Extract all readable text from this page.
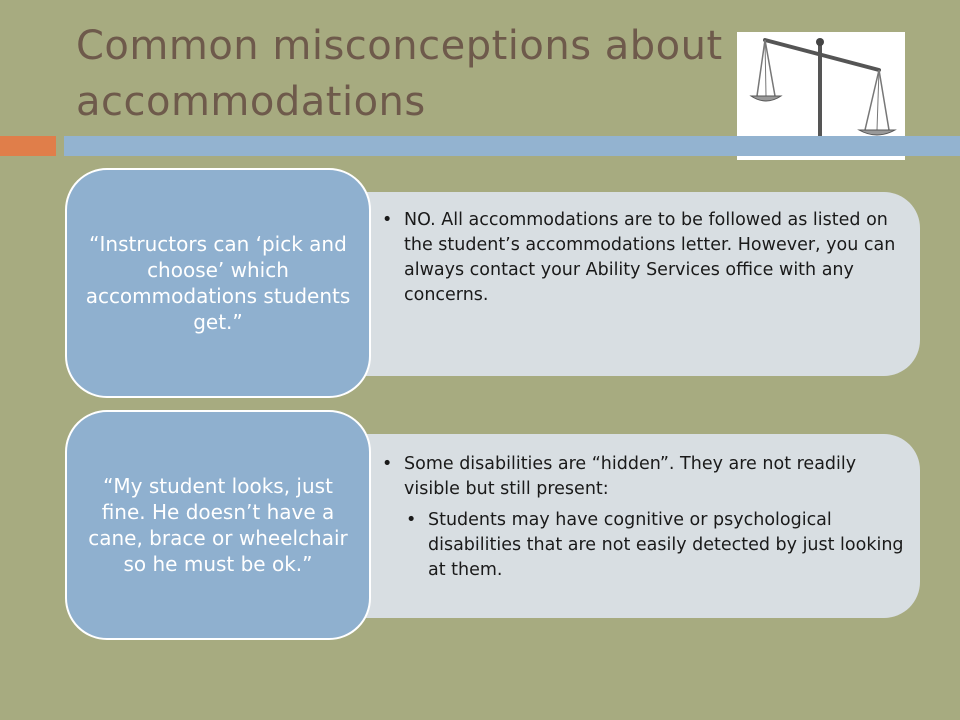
Common misconceptions about
accommodations
“Instructors can ‘pick and choose’ which accommodations students get.”
• NO. All accommodations are to be followed as listed on the student’s accommodations letter. However, you can always contact your Ability Services office with any concerns.
“My student looks, just fine. He doesn’t have a cane, brace or wheelchair so he must be ok.”
• Some disabilities are “hidden”. They are not readily visible but still present:
• Students may have cognitive or psychological disabilities that are not easily detected by just looking at them.
